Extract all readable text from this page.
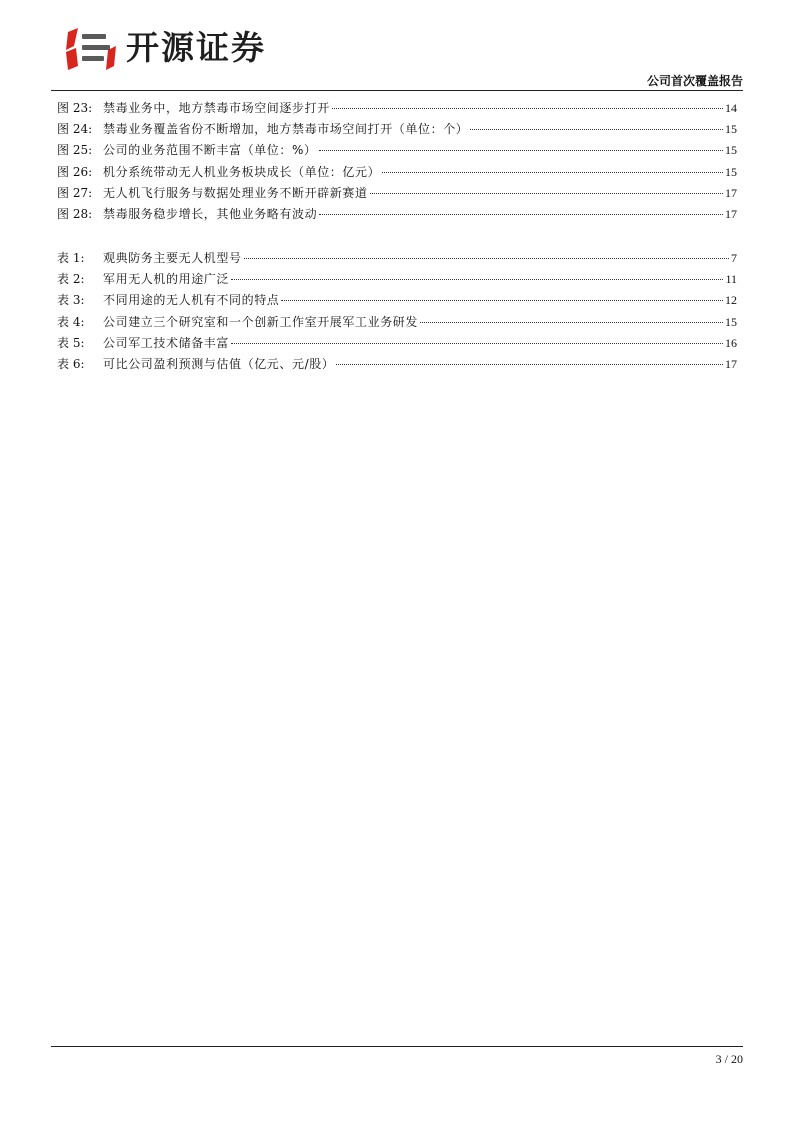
开源证券
公司首次覆盖报告
图 23: 禁毒业务中，地方禁毒市场空间逐步打开	14
图 24: 禁毒业务覆盖省份不断增加，地方禁毒市场空间打开（单位：个）	15
图 25: 公司的业务范围不断丰富（单位：%）	15
图 26: 机分系统带动无人机业务板块成长（单位：亿元）	15
图 27: 无人机飞行服务与数据处理业务不断开辟新赛道	17
图 28: 禁毒服务稳步增长，其他业务略有波动	17
表 1:	观典防务主要无人机型号	7
表 2:	军用无人机的用途广泛	11
表 3:	不同用途的无人机有不同的特点	12
表 4:	公司建立三个研究室和一个创新工作室开展军工业务研发	15
表 5:	公司军工技术储备丰富	16
表 6:	可比公司盈利预测与估值（亿元、元/股）	17
3 / 20
